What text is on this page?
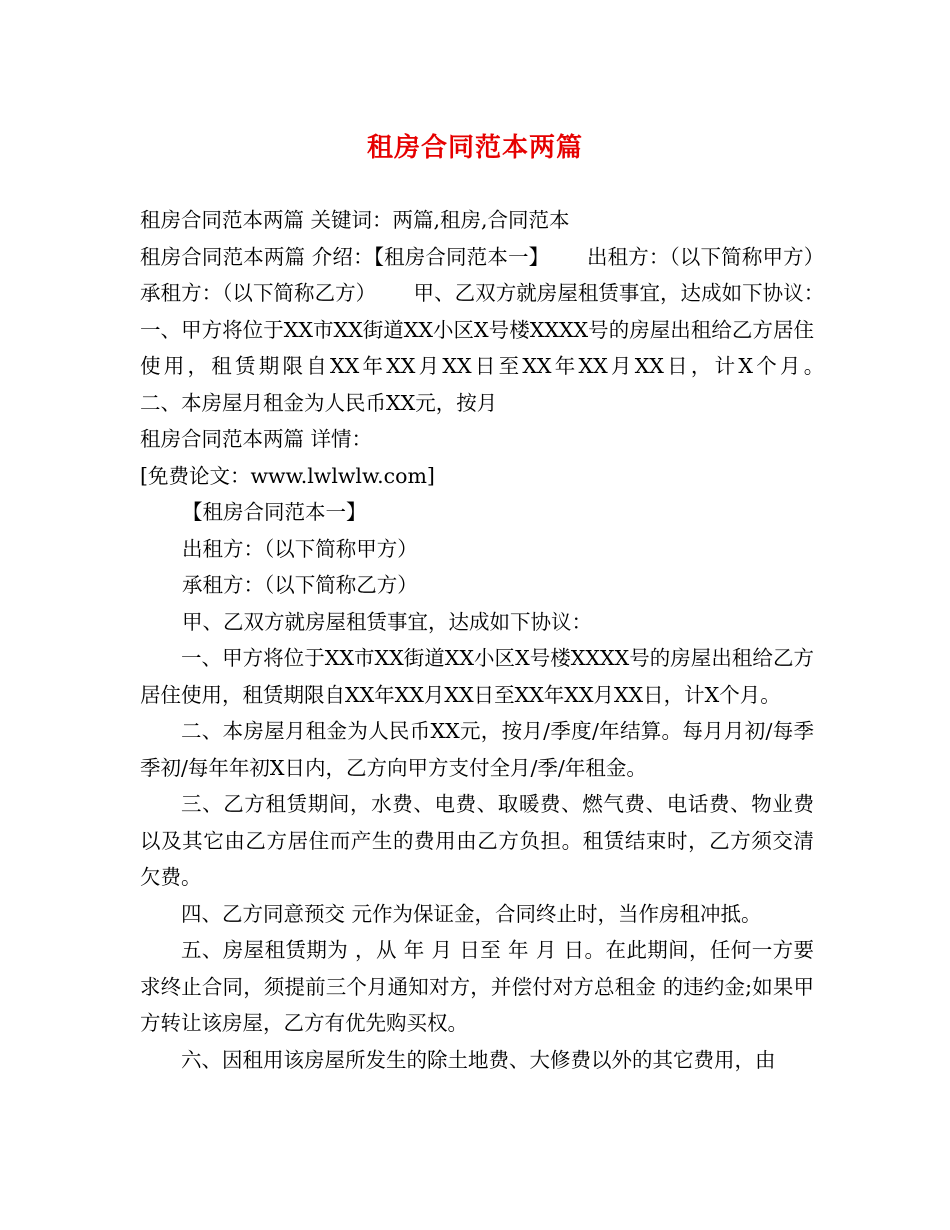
租房合同范本两篇
租房合同范本两篇 关键词：两篇,租房,合同范本

租房合同范本两篇 介绍：【租房合同范本一】　　 出租方：（以下简称甲方）　　承租方：（以下简称乙方）　　 甲、乙双方就房屋租赁事宜，达成如下协议：　　 一、甲方将位于XX市XX街道XX小区X号楼XXXX号的房屋出租给乙方居住使用，租赁期限自XX年XX月XX日至XX年XX月XX日，计X个月。　　 二、本房屋月租金为人民币XX元，按月

租房合同范本两篇 详情：
[免费论文：www.lwlwlw.com]
【租房合同范本一】
出租方：（以下简称甲方）
承租方：（以下简称乙方）
甲、乙双方就房屋租赁事宜，达成如下协议：

一、甲方将位于XX市XX街道XX小区X号楼XXXX号的房屋出租给乙方居住使用，租赁期限自XX年XX月XX日至XX年XX月XX日，计X个月。

二、本房屋月租金为人民币XX元，按月/季度/年结算。每月月初/每季季初/每年年初X日内，乙方向甲方支付全月/季/年租金。

三、乙方租赁期间，水费、电费、取暖费、燃气费、电话费、物业费以及其它由乙方居住而产生的费用由乙方负担。租赁结束时，乙方须交清欠费。

四、乙方同意预交 元作为保证金，合同终止时，当作房租冲抵。

五、房屋租赁期为 ，从 年 月 日至 年 月 日。在此期间，任何一方要求终止合同，须提前三个月通知对方，并偿付对方总租金 的违约金;如果甲方转让该房屋，乙方有优先购买权。

六、因租用该房屋所发生的除土地费、大修费以外的其它费用，由
